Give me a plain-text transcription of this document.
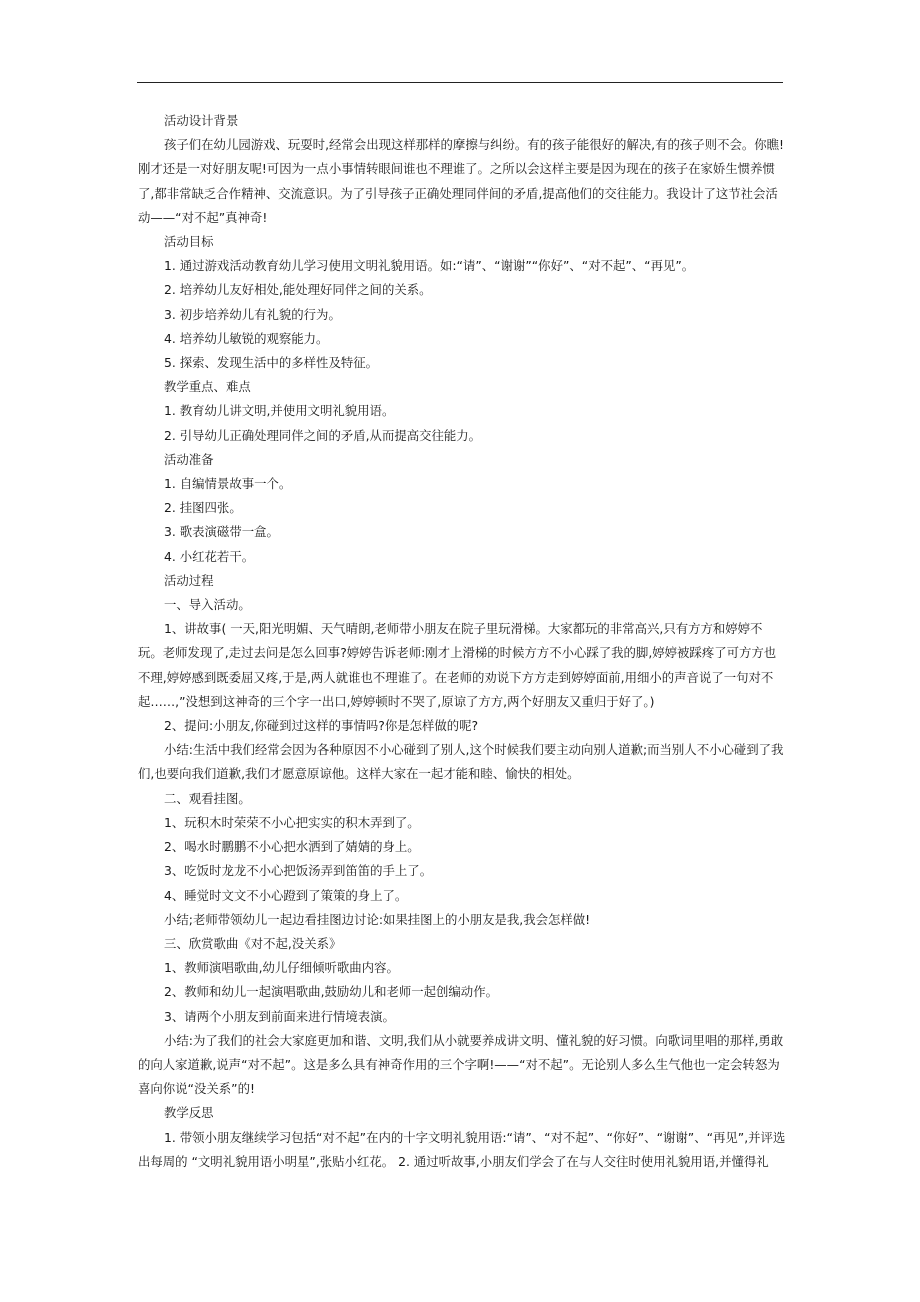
活动设计背景

孩子们在幼儿园游戏、玩耍时,经常会出现这样那样的摩擦与纠纷。有的孩子能很好的解决,有的孩子则不会。你瞧!刚才还是一对好朋友呢!可因为一点小事情转眼间谁也不理谁了。之所以会这样主要是因为现在的孩子在家娇生惯养惯了,都非常缺乏合作精神、交流意识。为了引导孩子正确处理同伴间的矛盾,提高他们的交往能力。我设计了这节社会活动——“对不起”真神奇!

活动目标

1. 通过游戏活动教育幼儿学习使用文明礼貌用语。如:“请”、“谢谢”“你好”、“对不起”、“再见”。

2. 培养幼儿友好相处,能处理好同伴之间的关系。

3. 初步培养幼儿有礼貌的行为。

4. 培养幼儿敏锐的观察能力。

5. 探索、发现生活中的多样性及特征。

教学重点、难点

1. 教育幼儿讲文明,并使用文明礼貌用语。

2. 引导幼儿正确处理同伴之间的矛盾,从而提高交往能力。

活动准备

1. 自编情景故事一个。

2. 挂图四张。

3. 歌表演磁带一盒。

4. 小红花若干。

活动过程

一、导入活动。

1、讲故事( 一天,阳光明媚、天气晴朗,老师带小朋友在院子里玩滑梯。大家都玩的非常高兴,只有方方和婷婷不玩。老师发现了,走过去问是怎么回事?婷婷告诉老师:刚才上滑梯的时候方方不小心踩了我的脚,婷婷被踩疼了可方方也不理,婷婷感到既委屈又疼,于是,两人就谁也不理谁了。在老师的劝说下方方走到婷婷面前,用细小的声音说了一句对不起……,”没想到这神奇的三个字一出口,婷婷顿时不哭了,原谅了方方,两个好朋友又重归于好了。)

2、提问:小朋友,你碰到过这样的事情吗?你是怎样做的呢?

小结:生活中我们经常会因为各种原因不小心碰到了别人,这个时候我们要主动向别人道歉;而当别人不小心碰到了我们,也要向我们道歉,我们才愿意原谅他。这样大家在一起才能和睦、愉快的相处。

二、观看挂图。

1、玩积木时荣荣不小心把实实的积木弄到了。

2、喝水时鹏鹏不小心把水洒到了婧婧的身上。

3、吃饭时龙龙不小心把饭汤弄到笛笛的手上了。

4、睡觉时文文不小心蹬到了策策的身上了。

小结;老师带领幼儿一起边看挂图边讨论:如果挂图上的小朋友是我,我会怎样做!

三、欣赏歌曲《对不起,没关系》

1、教师演唱歌曲,幼儿仔细倾听歌曲内容。

2、教师和幼儿一起演唱歌曲,鼓励幼儿和老师一起创编动作。

3、请两个小朋友到前面来进行情境表演。

小结:为了我们的社会大家庭更加和谐、文明,我们从小就要养成讲文明、懂礼貌的好习惯。向歌词里唱的那样,勇敢的向人家道歉,说声“对不起”。这是多么具有神奇作用的三个字啊!——“对不起”。无论别人多么生气他也一定会转怒为喜向你说“没关系”的!

教学反思

1. 带领小朋友继续学习包括“对不起”在内的十字文明礼貌用语:“请”、“对不起”、“你好”、“谢谢”、“再见”,并评选出每周的 “文明礼貌用语小明星”,张贴小红花。 2. 通过听故事,小朋友们学会了在与人交往时使用礼貌用语,并懂得礼
